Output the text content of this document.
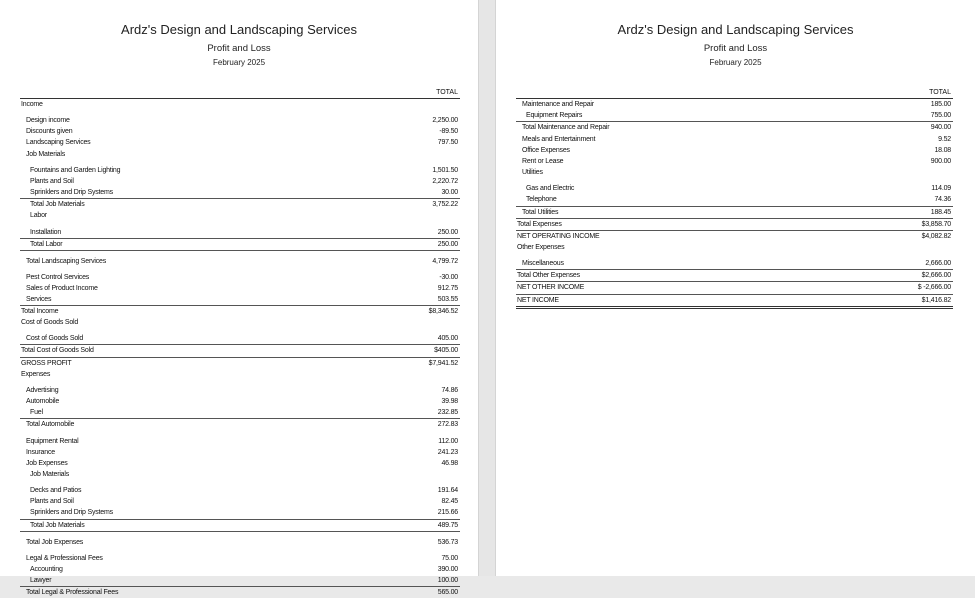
Ardz's Design and Landscaping Services
Profit and Loss
February 2025
TOTAL
Income
Design income	2,250.00
Discounts given	-89.50
Landscaping Services	797.50
Job Materials
Fountains and Garden Lighting	1,501.50
Plants and Soil	2,220.72
Sprinklers and Drip Systems	30.00
Total Job Materials	3,752.22
Labor
Installation	250.00
Total Labor	250.00
Total Landscaping Services	4,799.72
Pest Control Services	-30.00
Sales of Product Income	912.75
Services	503.55
Total Income	$8,346.52
Cost of Goods Sold
Cost of Goods Sold	405.00
Total Cost of Goods Sold	$405.00
GROSS PROFIT	$7,941.52
Expenses
Advertising	74.86
Automobile	39.98
Fuel	232.85
Total Automobile	272.83
Equipment Rental	112.00
Insurance	241.23
Job Expenses	46.98
Job Materials
Decks and Patios	191.64
Plants and Soil	82.45
Sprinklers and Drip Systems	215.66
Total Job Materials	489.75
Total Job Expenses	536.73
Legal & Professional Fees	75.00
Accounting	390.00
Lawyer	100.00
Total Legal & Professional Fees	565.00
Ardz's Design and Landscaping Services
Profit and Loss
February 2025
TOTAL
Maintenance and Repair	185.00
Equipment Repairs	755.00
Total Maintenance and Repair	940.00
Meals and Entertainment	9.52
Office Expenses	18.08
Rent or Lease	900.00
Utilities
Gas and Electric	114.09
Telephone	74.36
Total Utilities	188.45
Total Expenses	$3,858.70
NET OPERATING INCOME	$4,082.82
Other Expenses
Miscellaneous	2,666.00
Total Other Expenses	$2,666.00
NET OTHER INCOME	$ -2,666.00
NET INCOME	$1,416.82
